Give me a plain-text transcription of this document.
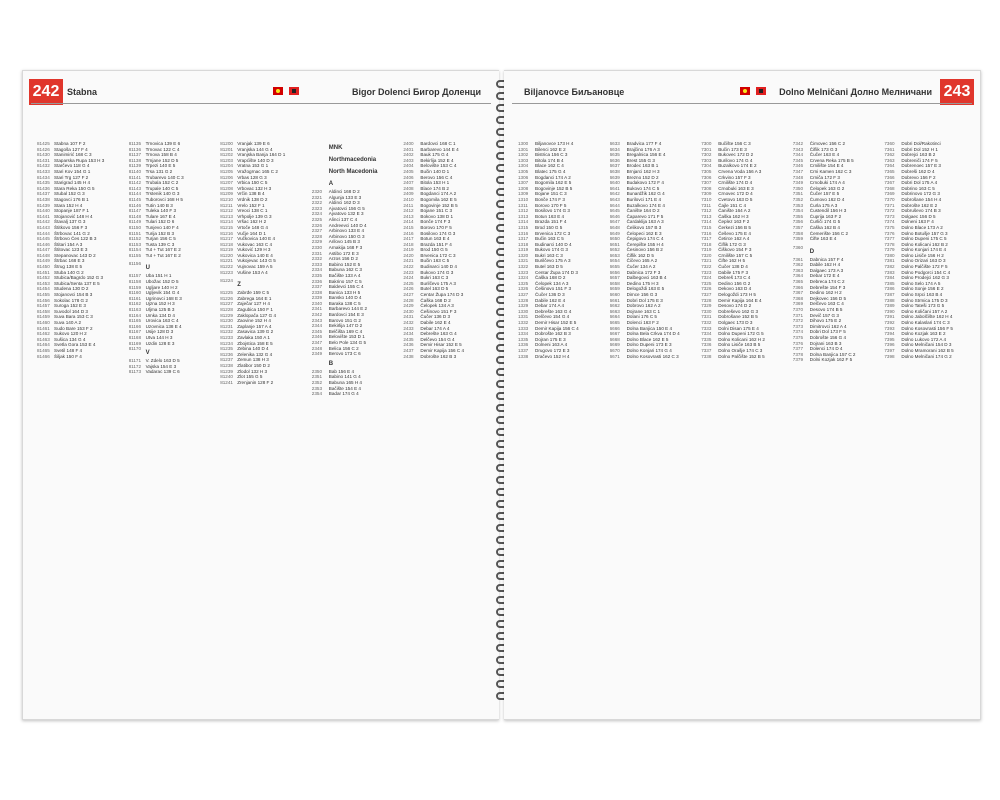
242 Stabna	Bigor Dolenci Бигор Доленци
81425 Stabna 107 F 2
81426 Stagoša 127 F 4
81430 Stanimirić 168 C 3
81431 Staparska Rupa 153 H 3
81432 Starčevo 118 G 4
81433 Stari Kov 154 G 1
81434 Stari Trg 127 F 2
81435 Starigrad 145 H 4
81436 Stara Reka 150 G 5
81437 Stubal 152 G 3
81438 Stagovci 176 B 1
81439 Stara 152 H 4
81440 Stopanje 187 F 1
81441 Stojanović 148 H 4
81442 Štavalj 137 G 3
81443 Štitkovo 156 F 3
81444 Štrbovac 141 G 2
81445 Štrbovo Čes 122 B 3
81446 Štitari 154 A 3
81447 Štitovac 123 E 3
81448 Stepanovac 143 D 2
81449 Štrbac 168 E 3
81450 Štrug 138 E 5
81451 Stuba 140 G 2
81452 Stubica/Bagrdo 152 G 3
81453 Stubica/Senta 137 E 5
81454 Studena 130 D 2
81455 Stojanovci 154 B 3
81456 Sokolac 178 G 2
81457 Suroga 152 E 3
81458 Suvodol 164 D 3
81459 Suva Bara 153 C 3
81460 Suva 140 A 2
81461 Sudo Bare 153 F 2
81462 Sukovo 120 H 2
81463 Sušica 134 G 4
81464 Svetla Gora 153 E 4
81465 Svetil 148 F 4
81466 Šiljak 150 F 4
81135 Trnovica 139 E 6
81136 Trnovac 122 C 4
81137 Trnova 158 B 4
81138 Trnjane 152 D 5
81139 Trpezi 140 E 5
81140 Trsa 131 G 2
81141 Trubarevo 140 C 3
81142 Trubala 152 C 2
81143 Trupale 140 C 5
81144 Trstenik 140 G 3
81145 Tuborovci 168 H 5
81146 Tutin 140 B 3
81147 Tuleka 140 F 3
81148 Tulare 167 E 4
81149 Tulari 152 D 6
81150 Tunjevo 140 F 4
81151 Turija 152 B 3
81152 Turjan 156 C 5
81153 Tusta 139 C 3
81154 Tut + Tut 167 E 2
81155 Tut + Tut 167 E 2
81156
U
81157 Uba 151 H 1
81158 Ubožac 152 D 5
81159 Ugljare 140 H 2
81160 Ugljevik 154 G 4
81161 Ugrinovci 168 E 3
81162 Ujzna 152 H 3
81163 Uljma 125 B 3
81164 Umka 134 D 4
81165 Urovica 163 C 4
81166 Uzovnica 138 E 4
81167 Usije 128 D 3
81168 Utva 144 H 3
81169 Uzdin 128 E 3
81170
V
81171 V. Zdelo 163 D 5
81172 Vajska 154 E 3
81173 Vadarac 139 C 6
81200 Vranjak 139 E 6
81201 Vranjska 144 G 4
81202 Vranjska Banja 164 D 1
81203 Vrapćište 140 D 3
81204 Vratna 153 G 1
81205 Vražogrnac 165 C 2
81206 Vrbas 128 G 3
81207 Vrbica 150 C 5
81208 Vrbovac 132 H 3
81209 Vrčin 138 B 4
81210 Vrdnik 138 D 2
81211 Vrelo 152 F 1
81212 Vreoci 138 C 1
81213 Vrhpolje 139 G 3
81214 Vršac 162 H 2
81215 Vrtoče 148 G 4
81216 Vučje 164 D 1
81217 Vučkovica 140 E 4
81218 Vukovac 163 C 4
81219 Vuković 129 H 3
81220 Vukovica 140 E 4
81221 Vukojevac 143 G 5
81222 Vujnovac 159 A 5
81223 Vušine 153 A 4
81224
Z
81225 Zabrđe 159 C 5
81226 Zabrega 164 E 1
81227 Zaječar 127 H 4
81228 Zagubica 150 F 1
81229 Zaklopača 127 G 4
81230 Zaovine 152 H 4
81231 Zaplanje 157 A 4
81232 Zasavica 139 G 2
81233 Zavlaka 150 A 1
81234 Zbojstica 158 E 5
81235 Zebina 140 D 4
81236 Zelenika 132 G 4
81237 Zemun 138 H 3
81238 Zlatibor 150 D 2
81239 Zlodol 132 H 3
81240 Zlot 155 G 5
81241 Zrenjanin 128 F 2
MNK
Northmacedonia
North Macedonia
A
2320	Aldinci 168 D 2
2321	Algunja 133 E 3
2322	Aldinci 162 D 3
2323	Ajvatovci 156 G 5
2324	Ajvatovo 132 E 3
2325	Alinci 137 C 4
2326	Andreevci 140 D 4
2327	Arbinovo 133 E 4
2328	Arbinovo 150 G 3
2329	Arilovo 145 B 3
2330	Arnakija 168 F 3
2331	Astibo 172 E 3
2332	Arzos 156 D 2
2333	Babino 152 E 5
2334	Babuna 162 C 3
2335	Bačište 133 A 4
2336	Bakrino 157 C 5
2337	Baldevci 155 C 4
2338	Banica 133 H 5
2339	Bansko 140 D 4
2340	Baraka 138 C 5
2341	Barbarevo 144 E 2
2342	Bardovci 154 E 3
2343	Barovo 151 G 2
2344	Bekirlija 147 D 2
2345	Belčišta 169 C 4
2346	Belovište 153 D 1
2347	Belo Pole 134 G 5
2348	Belica 156 C 2
2349	Berovo 173 C 6
B
2350	Bab 156 E 4
2351	Babino 141 G 4
2352	Babuna 165 H 4
2353	Bačište 154 E 4
2354	Badar 174 G 4
2400	Bardovci 168 C 1
2401	Barbarevo 144 E 4
2402	Bauk 175 G 4
2403	Bekirlija 152 E 4
2404	Belovište 153 C 4
2405	Bučin 140 D 1
2406	Berovo 156 C 4
2407	Bitola 153 H 1
2408	Blace 174 B 2
2409	Bogdanci 174 A 2
2410	Bogomila 162 E 5
2411	Bogovinje 152 B 5
2412	Bojane 151 C 3
2413	Bokovo 138 D 1
2414	Bonče 174 F 3
2415	Borovo 170 F 5
2416	Bosilovo 174 G 3
2417	Botun 163 E 4
2418	Brazda 151 F 4
2419	Brod 150 G 5
2420	Brvenica 172 C 3
2421	Bučin 163 C 5
2422	Budinarci 140 D 4
2423	Bukovo 174 G 3
2424	Bukri 163 C 3
2425	Burilčevo 175 A 3
2426	Butel 163 D 5
2427	Centar Župa 174 D 3
2428	Čaška 168 D 2
2429	Čelopek 134 A 3
2430	Češinovo 151 F 3
2431	Čučer 136 D 3
2432	Dabile 162 E 4
2433	Debar 174 A 4
2434	Debrešte 163 G 4
2435	Delčevo 154 G 4
2436	Demir Hisar 152 E 5
2437	Demir Kapija 156 C 4
2438	Dobrošte 162 B 3
Biljanovce Биљановце	Dolno Melničani Долно Мелничани 243
1300	Biljanovce 173 H 4
1301	Bilenci 162 E 2
1302	Bistrica 156 C 3
1303	Bitola 174 B 4
1304	Blace 162 C 4
1305	Blatec 175 G 4
1306	Bogdanci 174 A 2
1307	Bogomila 162 E 5
1308	Bogovinje 152 B 5
1309	Bojane 151 C 3
1310	Bonče 174 F 3
1311	Borovo 170 F 5
1312	Bosilovo 174 G 3
1313	Botun 163 E 4
1314	Brazda 151 F 4
1315	Brod 150 G 5
1316	Brvenica 172 C 3
1317	Bučin 163 C 5
1318	Budinarci 140 D 4
1319	Bukovo 174 G 3
1320	Bukri 163 C 3
1321	Burilčevo 175 A 3
1322	Butel 163 D 5
1323	Centar Župa 174 D 3
1324	Čaška 168 D 2
1325	Čelopek 134 A 3
1326	Češinovo 151 F 3
1327	Čučer 136 D 3
1328	Dabile 162 E 4
1329	Debar 174 A 4
1330	Debrešte 163 G 4
1331	Delčevo 154 G 4
1332	Demir Hisar 152 E 5
1333	Demir Kapija 156 C 4
1334	Dobrošte 162 B 3
1335	Dojran 175 E 3
1336	Dolneni 163 A 4
1337	Drugovo 172 E 3
1338	Dračevo 152 H 4
6633	Bradvica 177 F 4
6634	Brajčino 176 A 3
6635	Bregalnica 156 E 4
6636	Brest 155 G 3
6637	Brodec 163 B 1
6638	Brnjarci 162 H 3
6639	Brezno 152 D 2
6640	Budakovo 172 F 4
6641	Bukovo 174 C 5
6642	Bunardžik 162 G 4
6643	Burilovci 171 E 4
6644	Buzalkovo 174 E 4
6645	Čanište 164 D 2
6646	Čaparevo 171 F 5
6647	Čardaklija 163 A 3
6648	Čelikovo 157 B 3
6649	Čelopeci 162 E 3
6650	Čepigovo 174 C 4
6651	Čerepište 155 H 4
6652	Česinovo 156 B 2
6653	Čiflik 162 D 5
6654	Čičevo 165 A 2
6655	Čučer 134 A 2
6656	Dabnica 172 F 3
6657	Dalbegovci 163 B 4
6658	Dedino 175 H 3
6659	Delogoždi 163 E 5
6660	Dimce 156 G 3
6661	Dobri Dol 175 E 3
6662	Dobrovo 162 A 2
6663	Dojrane 163 C 1
6664	Dolani 176 C 5
6665	Dolenci 163 F 2
6666	Dolna Banjica 150 E 4
6667	Dolna Bela Crkva 174 D 4
6668	Dolno Blace 162 E 5
6669	Dolno Dupeni 173 E 3
6670	Dolno Konjari 174 G 4
6671	Dolno Kosovrasti 162 C 3
7300	Bučište 156 C 3
7301	Bučin 173 E 3
7302	Bukovec 172 D 2
7303	Burilovo 174 G 4
7304	Buzalkovo 174 E 2
7305	Crvena Voda 156 A 3
7306	Crkvino 157 F 3
7307	Crnilište 174 D 4
7308	Crnobuki 163 E 3
7309	Crnovec 172 D 4
7310	Cvetovo 163 D 5
7311	Čajle 151 C 4
7312	Čanište 164 A 2
7313	Čaška 162 H 3
7314	Čeplez 163 F 2
7315	Čerkezi 156 B 5
7316	Češevo 175 E 4
7317	Četirce 162 A 4
7318	Čiflik 172 G 3
7319	Čiškovo 154 F 3
7320	Crnilište 157 C 5
7321	Čifte 162 H 5
7322	Čučer 138 D 4
7323	Dabile 175 F 3
7324	Debreš 173 C 4
7325	Dedino 156 G 2
7326	Dekovo 163 D 4
7327	Delogoždi 173 H 5
7328	Demir Kapija 164 E 4
7329	Desovo 174 D 2
7330	Dobreševo 162 G 3
7331	Dobrošane 152 B 5
7332	Dolgaec 173 D 3
7333	Dolni Disan 175 E 4
7334	Dolno Dupeni 172 G 5
7335	Dolno Kolicani 162 H 2
7336	Dolno Lisiče 163 B 5
7337	Dolno Orašje 174 C 3
7338	Dolno Palčište 152 B 5
7342	Čimovec 156 C 2
7343	Čiflik 173 G 3
7344	Čučer 163 E 4
7345	Crvena Reka 175 B 5
7346	Crnilište 154 E 4
7347	Crni Kamen 162 C 3
7348	Crniča 172 F 3
7349	Crnobuki 174 A 4
7350	Čelopek 163 G 2
7351	Čučer 157 E 5
7352	Ćumovo 162 D 4
7353	Ćurla 175 A 3
7354	Ćustendil 156 H 3
7355	Ćuprija 163 F 2
7356	Ćurliči 174 G 5
7357	Ćaška 162 B 4
7358	Ćemerište 156 C 2
7359	Ćifte 163 E 4
7360
D
7361	Dabnica 157 F 4
7362	Dabile 162 H 4
7363	Dalgaec 173 A 3
7364	Debar 172 E 4
7365	Debreca 174 C 2
7366	Debrešte 154 F 3
7367	Dedino 162 H 2
7368	Dejkovec 156 D 5
7369	Delčevo 163 C 4
7370	Desovo 174 B 5
7371	Devič 157 G 3
7372	Dihovo 175 E 2
7373	Dimitrovci 162 A 4
7374	Dobri Dol 173 F 5
7375	Dobrošte 156 G 4
7376	Dojrani 163 B 3
7377	Dolenci 174 D 4
7378	Dolna Banjica 157 C 2
7379	Dolni Kozjak 162 F 5
7360	Dobri Dol/Rakotinci
7361	Dobri Dol 152 H 1
7362	Dobrejci 163 B 2
7363	Dobreniči 174 F 5
7364	Dobrenoec 157 E 3
7365	Dobreši 162 D 4
7366	Dobrevo 156 F 2
7367	Dobri Dol 175 A 4
7368	Dobrino 163 C 5
7369	Dobrinovo 172 G 3
7370	Dobrošane 154 H 4
7371	Dobrošte 162 E 2
7372	Dobruševo 174 B 3
7373	Dolgaec 156 D 5
7374	Dolneni 163 F 4
7375	Dolno Blace 173 A 2
7376	Dolno Botušje 157 G 3
7377	Dolno Dupeni 175 C 5
7378	Dolno Kolicani 162 B 2
7379	Dolno Konjari 174 E 4
7380	Dolno Lisiče 156 H 2
7381	Dolno Orizari 163 D 3
7382	Dolno Palčište 172 F 5
7383	Dolno Podgorci 154 C 4
7384	Dolno Prodejci 162 G 3
7385	Dolno Selo 174 A 5
7386	Dolno Sonje 156 E 2
7387	Dolno Srpci 163 B 4
7388	Dolno Strmica 175 D 3
7389	Dolno Tateši 173 G 5
7390	Dolno Količani 157 A 2
7391	Dolno Jabolčište 162 H 4
7392	Dolno Kalaslari 174 C 3
7393	Dolno Kosovrasti 156 F 5
7394	Dolno Kozjak 163 E 2
7395	Dolno Lukovo 172 A 4
7396	Dolno Melničani 154 D 3
7397	Dolno Mramorani 162 B 5
7398	Dolno Melničani 174 G 2
